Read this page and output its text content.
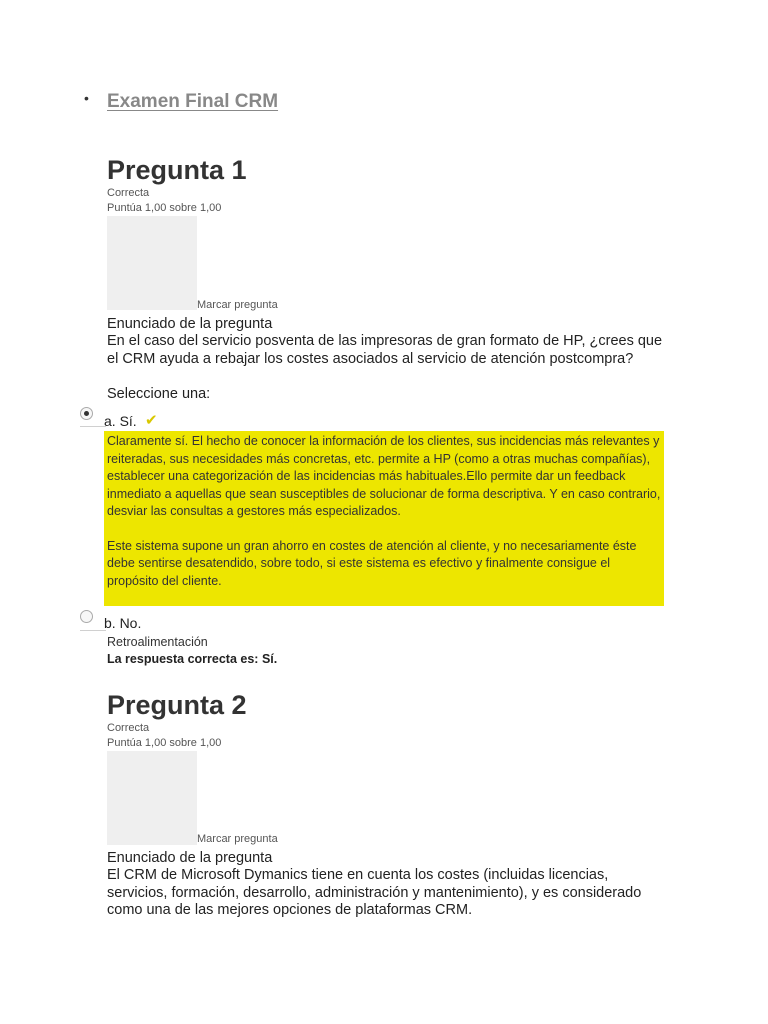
• Examen Final CRM
Pregunta 1
Correcta
Puntúa 1,00 sobre 1,00
Marcar pregunta
Enunciado de la pregunta
En el caso del servicio posventa de las impresoras de gran formato de HP, ¿crees que el CRM ayuda a rebajar los costes asociados al servicio de atención postcompra?
Seleccione una:
a. Sí. ✔

Claramente sí. El hecho de conocer la información de los clientes, sus incidencias más relevantes y reiteradas, sus necesidades más concretas, etc. permite a HP (como a otras muchas compañías), establecer una categorización de las incidencias más habituales.Ello permite dar un feedback inmediato a aquellas que sean susceptibles de solucionar de forma descriptiva. Y en caso contrario, desviar las consultas a gestores más especializados.

Este sistema supone un gran ahorro en costes de atención al cliente, y no necesariamente éste debe sentirse desatendido, sobre todo, si este sistema es efectivo y finalmente consigue el propósito del cliente.

b. No.
Retroalimentación
La respuesta correcta es: Sí.
Pregunta 2
Correcta
Puntúa 1,00 sobre 1,00
Marcar pregunta
Enunciado de la pregunta
El CRM de Microsoft Dymanics tiene en cuenta los costes (incluidas licencias, servicios, formación, desarrollo, administración y mantenimiento), y es considerado como una de las mejores opciones de plataformas CRM.
